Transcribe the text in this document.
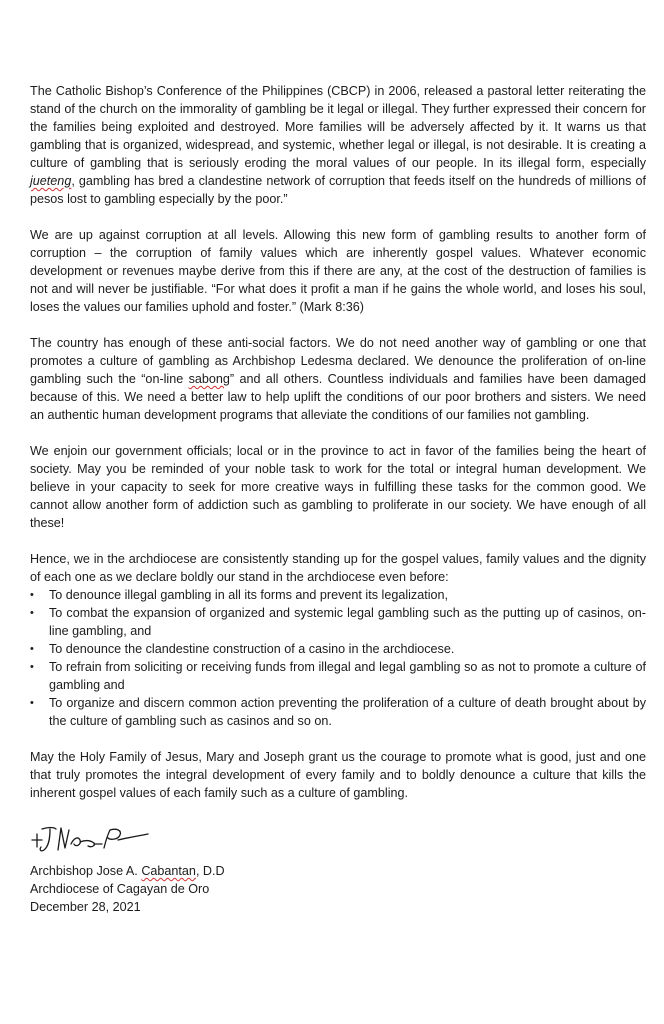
The Catholic Bishop’s Conference of the Philippines (CBCP) in 2006, released a pastoral letter reiterating the stand of the church on the immorality of gambling be it legal or illegal. They further expressed their concern for the families being exploited and destroyed. More families will be adversely affected by it. It warns us that gambling that is organized, widespread, and systemic, whether legal or illegal, is not desirable. It is creating a culture of gambling that is seriously eroding the moral values of our people. In its illegal form, especially jueteng, gambling has bred a clandestine network of corruption that feeds itself on the hundreds of millions of pesos lost to gambling especially by the poor.”

We are up against corruption at all levels. Allowing this new form of gambling results to another form of corruption – the corruption of family values which are inherently gospel values. Whatever economic development or revenues maybe derive from this if there are any, at the cost of the destruction of families is not and will never be justifiable. “For what does it profit a man if he gains the whole world, and loses his soul, loses the values our families uphold and foster.” (Mark 8:36)

The country has enough of these anti-social factors. We do not need another way of gambling or one that promotes a culture of gambling as Archbishop Ledesma declared. We denounce the proliferation of on-line gambling such the “on-line sabong” and all others. Countless individuals and families have been damaged because of this. We need a better law to help uplift the conditions of our poor brothers and sisters. We need an authentic human development programs that alleviate the conditions of our families not gambling.

We enjoin our government officials; local or in the province to act in favor of the families being the heart of society. May you be reminded of your noble task to work for the total or integral human development. We believe in your capacity to seek for more creative ways in fulfilling these tasks for the common good. We cannot allow another form of addiction such as gambling to proliferate in our society. We have enough of all these!

Hence, we in the archdiocese are consistently standing up for the gospel values, family values and the dignity of each one as we declare boldly our stand in the archdiocese even before:

• To denounce illegal gambling in all its forms and prevent its legalization,
• To combat the expansion of organized and systemic legal gambling such as the putting up of casinos, on-line gambling, and
• To denounce the clandestine construction of a casino in the archdiocese.
• To refrain from soliciting or receiving funds from illegal and legal gambling so as not to promote a culture of gambling and
• To organize and discern common action preventing the proliferation of a culture of death brought about by the culture of gambling such as casinos and so on.

May the Holy Family of Jesus, Mary and Joseph grant us the courage to promote what is good, just and one that truly promotes the integral development of every family and to boldly denounce a culture that kills the inherent gospel values of each family such as a culture of gambling.

Archbishop Jose A. Cabantan, D.D

Archdiocese of Cagayan de Oro

December 28, 2021
